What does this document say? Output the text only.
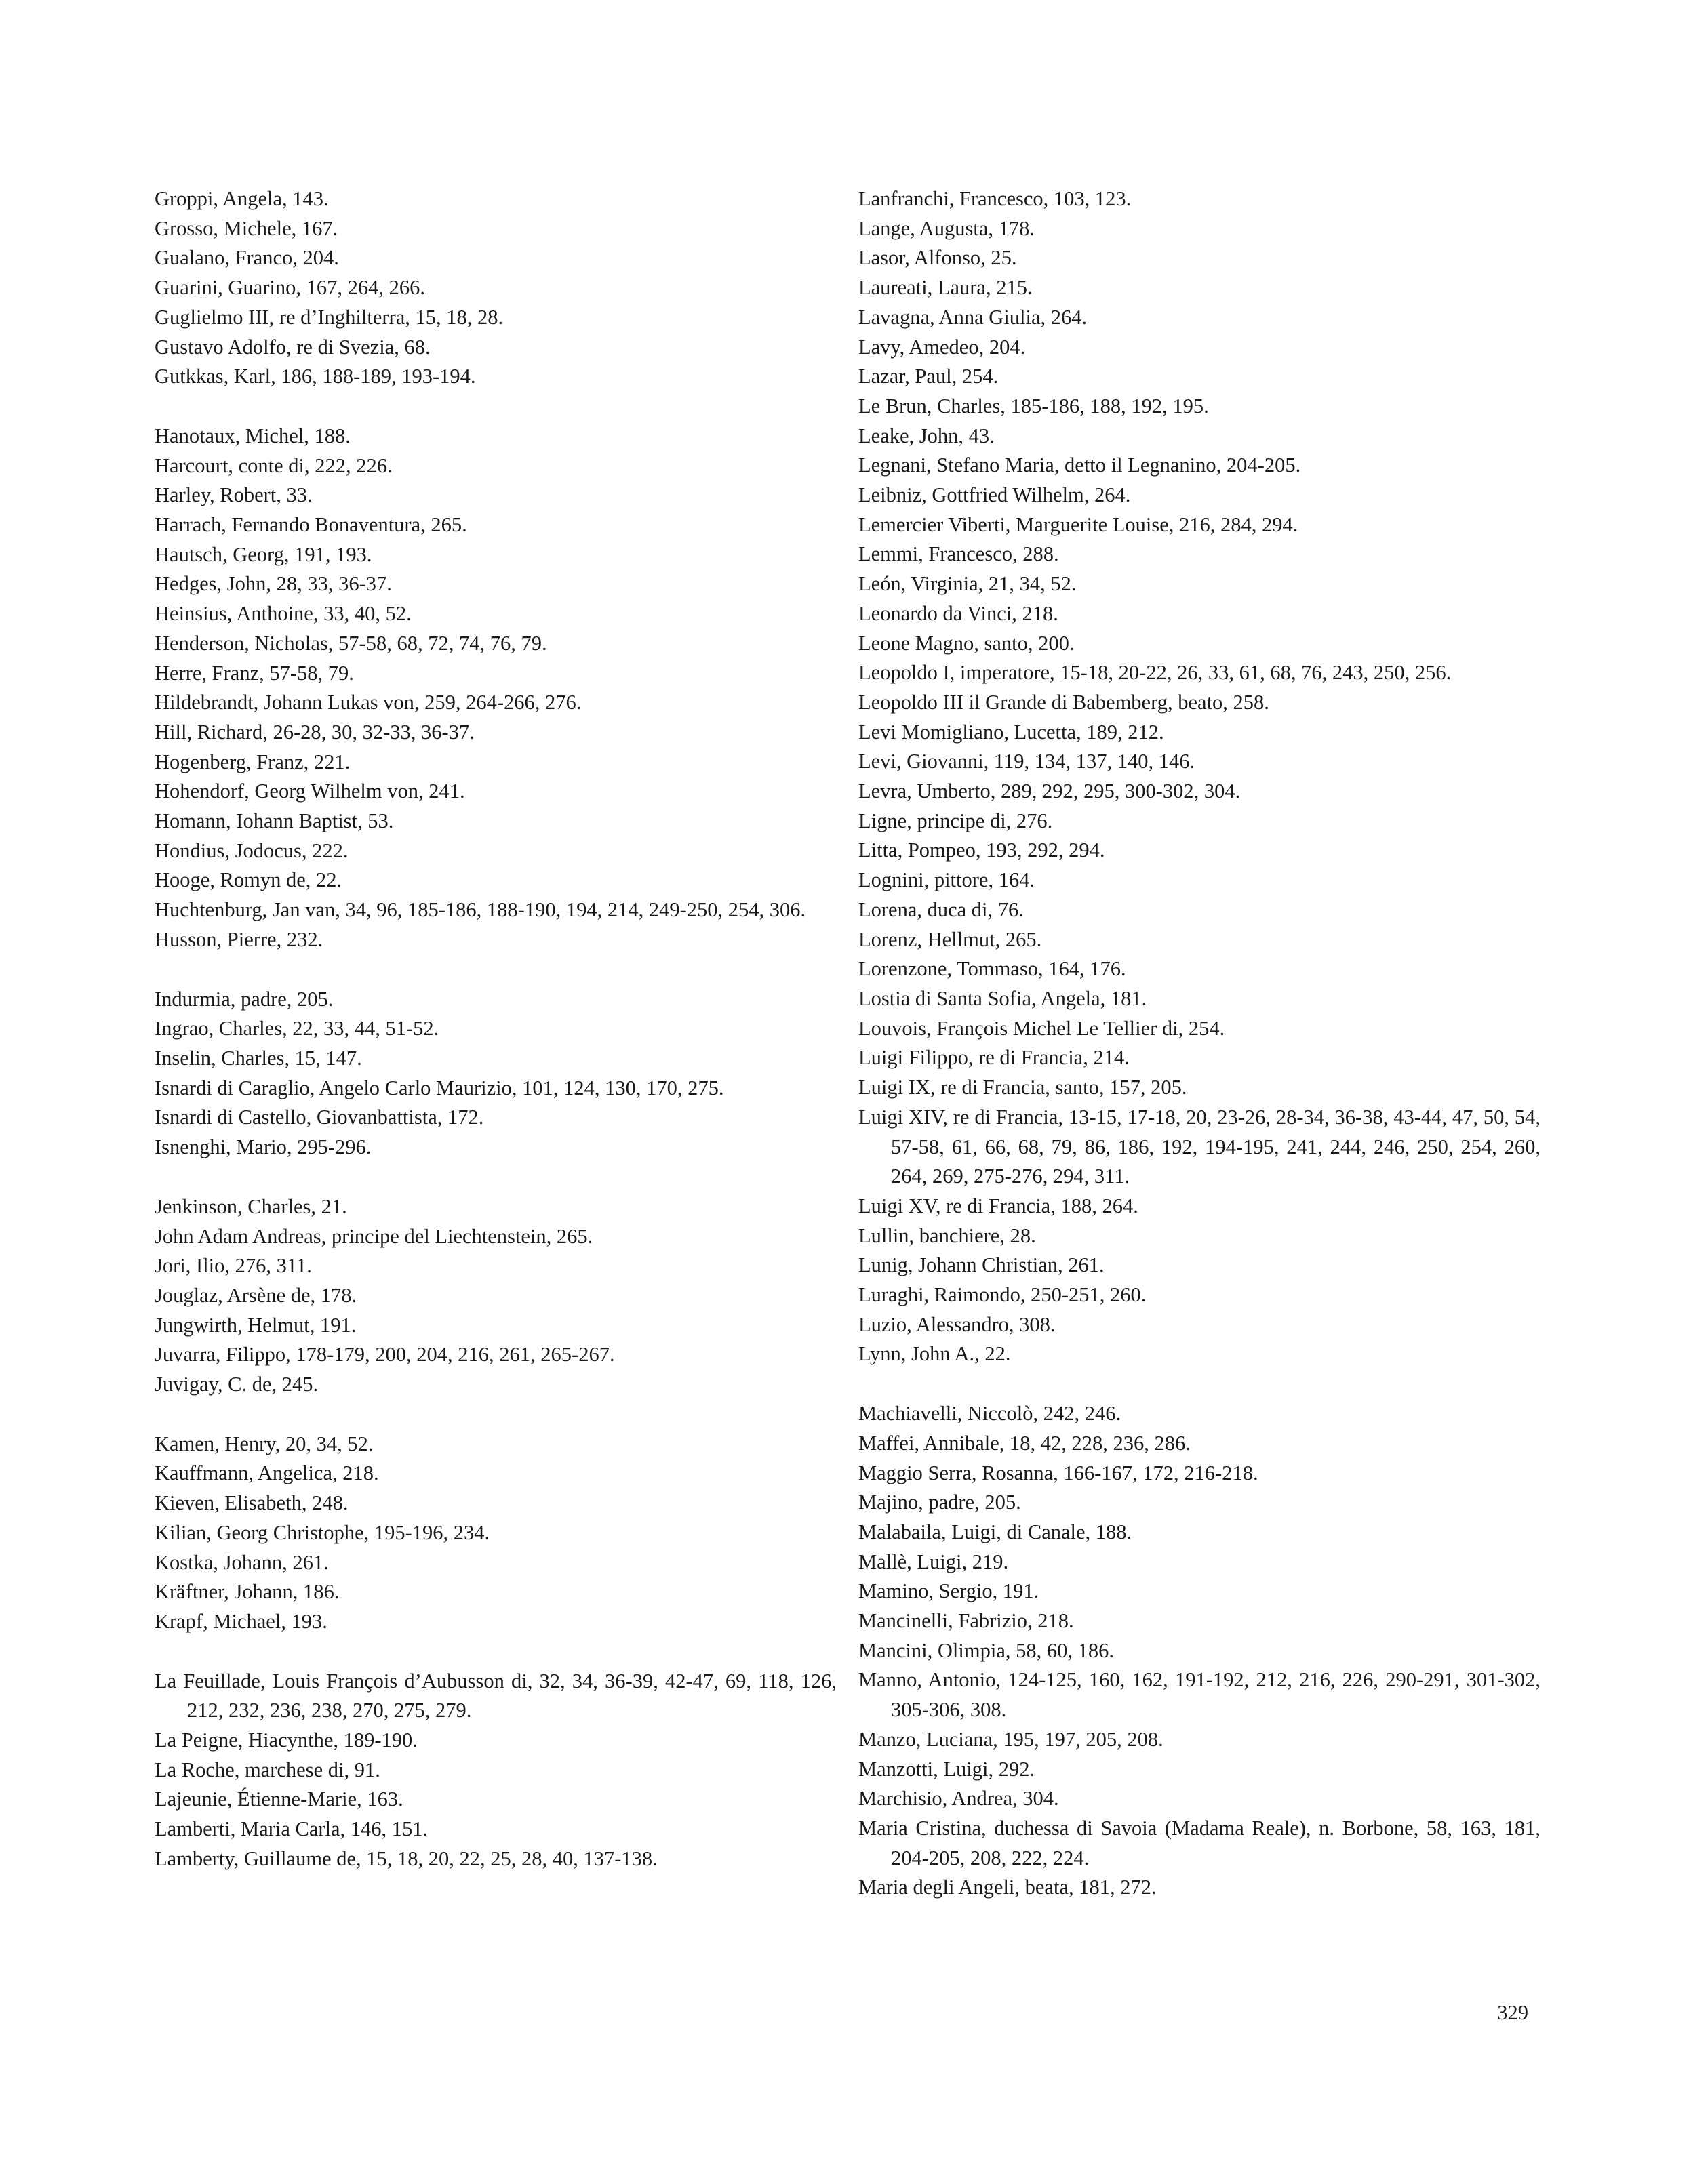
Groppi, Angela, 143.

Grosso, Michele, 167.

Gualano, Franco, 204.

Guarini, Guarino, 167, 264, 266.

Guglielmo III, re d’Inghilterra, 15, 18, 28.

Gustavo Adolfo, re di Svezia, 68.

Gutkkas, Karl, 186, 188-189, 193-194.

Hanotaux, Michel, 188.

Harcourt, conte di, 222, 226.

Harley, Robert, 33.

Harrach, Fernando Bonaventura, 265.

Hautsch, Georg, 191, 193.

Hedges, John, 28, 33, 36-37.

Heinsius, Anthoine, 33, 40, 52.

Henderson, Nicholas, 57-58, 68, 72, 74, 76, 79.

Herre, Franz, 57-58, 79.

Hildebrandt, Johann Lukas von, 259, 264-266, 276.

Hill, Richard, 26-28, 30, 32-33, 36-37.

Hogenberg, Franz, 221.

Hohendorf, Georg Wilhelm von, 241.

Homann, Iohann Baptist, 53.

Hondius, Jodocus, 222.

Hooge, Romyn de, 22.

Huchtenburg, Jan van, 34, 96, 185-186, 188-190, 194, 214, 249-250, 254, 306.

Husson, Pierre, 232.

Indurmia, padre, 205.

Ingrao, Charles, 22, 33, 44, 51-52.

Inselin, Charles, 15, 147.

Isnardi di Caraglio, Angelo Carlo Maurizio, 101, 124, 130, 170, 275.

Isnardi di Castello, Giovanbattista, 172.

Isnenghi, Mario, 295-296.

Jenkinson, Charles, 21.

John Adam Andreas, principe del Liechtenstein, 265.

Jori, Ilio, 276, 311.

Jouglaz, Arsène de, 178.

Jungwirth, Helmut, 191.

Juvarra, Filippo, 178-179, 200, 204, 216, 261, 265-267.

Juvigay, C. de, 245.

Kamen, Henry, 20, 34, 52.

Kauffmann, Angelica, 218.

Kieven, Elisabeth, 248.

Kilian, Georg Christophe, 195-196, 234.

Kostka, Johann, 261.

Kräftner, Johann, 186.

Krapf, Michael, 193.

La Feuillade, Louis François d’Aubusson di, 32, 34, 36-39, 42-47, 69, 118, 126, 212, 232, 236, 238, 270, 275, 279.

La Peigne, Hiacynthe, 189-190.

La Roche, marchese di, 91.

Lajeunie, Étienne-Marie, 163.

Lamberti, Maria Carla, 146, 151.

Lamberty, Guillaume de, 15, 18, 20, 22, 25, 28, 40, 137-138.

Lanfranchi, Francesco, 103, 123.

Lange, Augusta, 178.

Lasor, Alfonso, 25.

Laureati, Laura, 215.

Lavagna, Anna Giulia, 264.

Lavy, Amedeo, 204.

Lazar, Paul, 254.

Le Brun, Charles, 185-186, 188, 192, 195.

Leake, John, 43.

Legnani, Stefano Maria, detto il Legnanino, 204-205.

Leibniz, Gottfried Wilhelm, 264.

Lemercier Viberti, Marguerite Louise, 216, 284, 294.

Lemmi, Francesco, 288.

León, Virginia, 21, 34, 52.

Leonardo da Vinci, 218.

Leone Magno, santo, 200.

Leopoldo I, imperatore, 15-18, 20-22, 26, 33, 61, 68, 76, 243, 250, 256.

Leopoldo III il Grande di Babemberg, beato, 258.

Levi Momigliano, Lucetta, 189, 212.

Levi, Giovanni, 119, 134, 137, 140, 146.

Levra, Umberto, 289, 292, 295, 300-302, 304.

Ligne, principe di, 276.

Litta, Pompeo, 193, 292, 294.

Lognini, pittore, 164.

Lorena, duca di, 76.

Lorenz, Hellmut, 265.

Lorenzone, Tommaso, 164, 176.

Lostia di Santa Sofia, Angela, 181.

Louvois, François Michel Le Tellier di, 254.

Luigi Filippo, re di Francia, 214.

Luigi IX, re di Francia, santo, 157, 205.

Luigi XIV, re di Francia, 13-15, 17-18, 20, 23-26, 28-34, 36-38, 43-44, 47, 50, 54, 57-58, 61, 66, 68, 79, 86, 186, 192, 194-195, 241, 244, 246, 250, 254, 260, 264, 269, 275-276, 294, 311.

Luigi XV, re di Francia, 188, 264.

Lullin, banchiere, 28.

Lunig, Johann Christian, 261.

Luraghi, Raimondo, 250-251, 260.

Luzio, Alessandro, 308.

Lynn, John A., 22.

Machiavelli, Niccolò, 242, 246.

Maffei, Annibale, 18, 42, 228, 236, 286.

Maggio Serra, Rosanna, 166-167, 172, 216-218.

Majino, padre, 205.

Malabaila, Luigi, di Canale, 188.

Mallè, Luigi, 219.

Mamino, Sergio, 191.

Mancinelli, Fabrizio, 218.

Mancini, Olimpia, 58, 60, 186.

Manno, Antonio, 124-125, 160, 162, 191-192, 212, 216, 226, 290-291, 301-302, 305-306, 308.

Manzo, Luciana, 195, 197, 205, 208.

Manzotti, Luigi, 292.

Marchisio, Andrea, 304.

Maria Cristina, duchessa di Savoia (Madama Reale), n. Borbone, 58, 163, 181, 204-205, 208, 222, 224.

Maria degli Angeli, beata, 181, 272.

329
